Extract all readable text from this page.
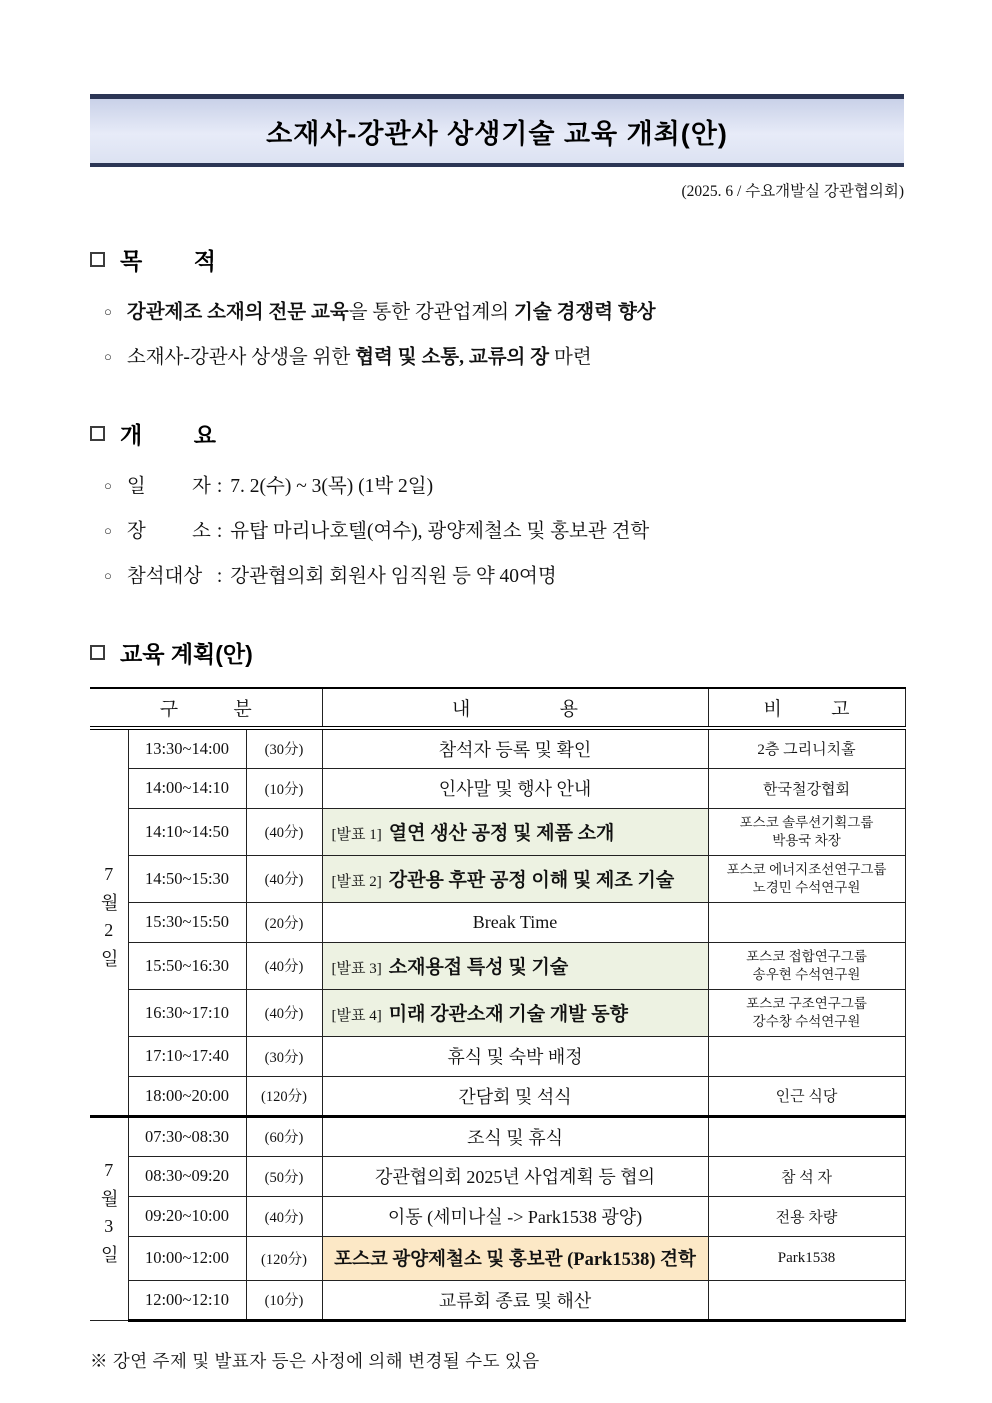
소재사-강관사 상생기술 교육 개최(안)
(2025. 6 / 수요개발실 강관협의회)
목 적
○ 강관제조 소재의 전문 교육을 통한 강관업계의 기술 경쟁력 향상
○ 소재사-강관사 상생을 위한 협력 및 소통, 교류의 장 마련
개 요
○ 일 자 : 7. 2(수) ~ 3(목) (1박 2일)
○ 장 소 : 유탑 마리나호텔(여수), 광양제철소 및 홍보관 견학
○ 참석대상 : 강관협의회 회원사 임직원 등 약 40여명
교육 계획(안)
구 분			내 용	비 고
7월2일	13:30~14:00	(30分)	참석자 등록 및 확인	2층 그리니치홀
	14:00~14:10	(10分)	인사말 및 행사 안내	한국철강협회
	14:10~14:50	(40分)	[발표 1] 열연 생산 공정 및 제품 소개	포스코 솔루션기획그룹
박용국 차장

	14:50~15:30	(40分)	[발표 2] 강관용 후판 공정 이해 및 제조 기술	포스코 에너지조선연구그룹
노경민 수석연구원

	15:30~15:50	(20分)	Break Time	
	15:50~16:30	(40分)	[발표 3] 소재용접 특성 및 기술	포스코 접합연구그룹
송우현 수석연구원

	16:30~17:10	(40分)	[발표 4] 미래 강관소재 기술 개발 동향	포스코 구조연구그룹
강수창 수석연구원

	17:10~17:40	(30分)	휴식 및 숙박 배정	
	18:00~20:00	(120分)	간담회 및 석식	인근 식당
7월3일	07:30~08:30	(60分)	조식 및 휴식	
	08:30~09:20	(50分)	강관협의회 2025년 사업계획 등 협의	참 석 자
	09:20~10:00	(40分)	이동 (세미나실 -> Park1538 광양)	전용 차량
	10:00~12:00	(120分)	포스코 광양제철소 및 홍보관 (Park1538) 견학	Park1538
	12:00~12:10	(10分)	교류회 종료 및 해산	
※ 강연 주제 및 발표자 등은 사정에 의해 변경될 수도 있음
